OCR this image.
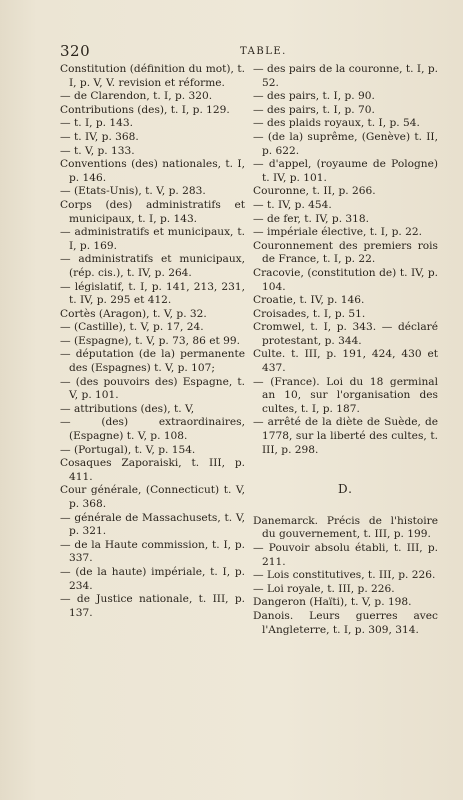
320	TABLE.

Constitution (définition du mot), t. I, p. V, V. revision et réforme.

— de Clarendon, t. I, p. 320.

Contributions (des), t. I, p. 129.

— t. I, p. 143.

— t. IV, p. 368.

— t. V, p. 133.

Conventions (des) nationales, t. I, p. 146.

— (Etats-Unis), t. V, p. 283.

Corps (des) administratifs et municipaux, t. I, p. 143.

— administratifs et municipaux, t. I, p. 169.

— administratifs et municipaux, (rép. cis.), t. IV, p. 264.

— législatif, t. I, p. 141, 213, 231, t. IV, p. 295 et 412.

Cortès (Aragon), t. V, p. 32.

— (Castille), t. V, p. 17, 24.

— (Espagne), t. V, p. 73, 86 et 99.

— députation (de la) permanente des (Espagnes) t. V, p. 107;

— (des pouvoirs des) Espagne, t. V, p. 101.

— attributions (des), t. V,

— (des) extraordinaires, (Espagne) t. V, p. 108.

— (Portugal), t. V, p. 154.

Cosaques Zaporaiski, t. III, p. 411.

Cour générale, (Connecticut) t. V, p. 368.

— générale de Massachusets, t. V, p. 321.

— de la Haute commission, t. I, p. 337.

— (de la haute) impériale, t. I, p. 234.

— de Justice nationale, t. III, p. 137.

— des pairs de la couronne, t. I, p. 52.

— des pairs, t. I, p. 90.

— des pairs, t. I, p. 70.

— des plaids royaux, t. I, p. 54.

— (de la) suprême, (Genève) t. II, p. 622.

— d'appel, (royaume de Pologne) t. IV, p. 101.

Couronne, t. II, p. 266.

— t. IV, p. 454.

— de fer, t. IV, p. 318.

— impériale élective, t. I, p. 22.

Couronnement des premiers rois de France, t. I, p. 22.

Cracovie, (constitution de) t. IV, p. 104.

Croatie, t. IV, p. 146.

Croisades, t. I, p. 51.

Cromwel, t. I, p. 343. — déclaré protestant, p. 344.

Culte. t. III, p. 191, 424, 430 et 437.

— (France). Loi du 18 germinal an 10, sur l'organisation des cultes, t. I, p. 187.

— arrêté de la diète de Suède, de 1778, sur la liberté des cultes, t. III, p. 298.

D.

Danemarck. Précis de l'histoire du gouvernement, t. III, p. 199.

— Pouvoir absolu établi, t. III, p. 211.

— Lois constitutives, t. III, p. 226.

— Loi royale, t. III, p. 226.

Dangeron (Haïti), t. V, p. 198.

Danois. Leurs guerres avec l'Angleterre, t. I, p. 309, 314.
